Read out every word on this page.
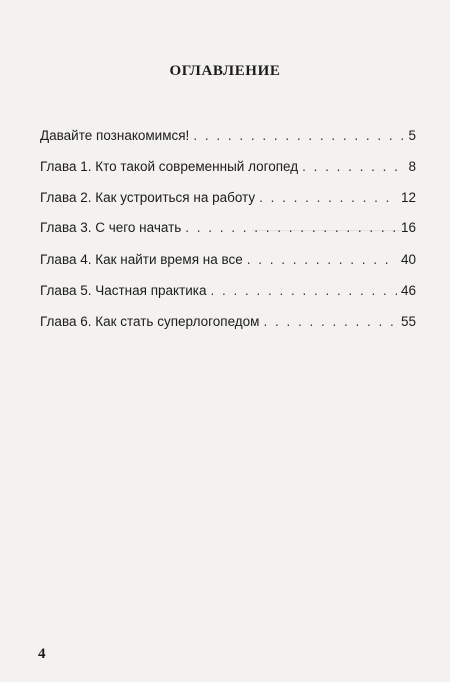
ОГЛАВЛЕНИЕ
Давайте познакомимся! . . .	5
Глава 1. Кто такой современный логопед . . .	8
Глава 2. Как устроиться на работу . . .	12
Глава 3. С чего начать . . .	16
Глава 4. Как найти время на все . . .	40
Глава 5. Частная практика . . .	46
Глава 6. Как стать суперлогопедом . . .	55
4
